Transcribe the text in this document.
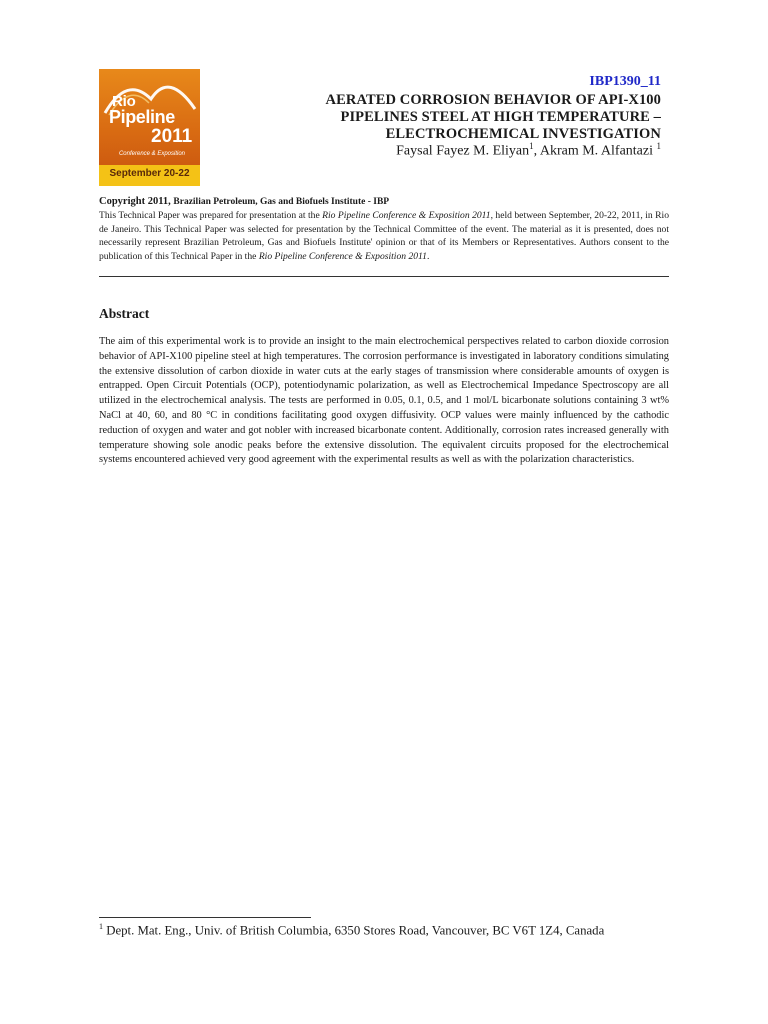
Rio
Pipeline
2011
Conference & Exposition
September 20-22
IBP1390_11
AERATED CORROSION BEHAVIOR OF API-X100
PIPELINES STEEL AT HIGH TEMPERATURE –
ELECTROCHEMICAL INVESTIGATION
Faysal Fayez M. Eliyan$^1$, Akram M. Alfantazi $^1$
Copyright 2011, Brazilian Petroleum, Gas and Biofuels Institute - IBP
This Technical Paper was prepared for presentation at the Rio Pipeline Conference & Exposition 2011, held between September, 20-22, 2011, in Rio de Janeiro. This Technical Paper was selected for presentation by the Technical Committee of the event. The material as it is presented, does not necessarily represent Brazilian Petroleum, Gas and Biofuels Institute' opinion or that of its Members or Representatives. Authors consent to the publication of this Technical Paper in the Rio Pipeline Conference & Exposition 2011.
Abstract
The aim of this experimental work is to provide an insight to the main electrochemical perspectives related to carbon dioxide corrosion behavior of API-X100 pipeline steel at high temperatures. The corrosion performance is investigated in laboratory conditions simulating the extensive dissolution of carbon dioxide in water cuts at the early stages of transmission where considerable amounts of oxygen is entrapped. Open Circuit Potentials (OCP), potentiodynamic polarization, as well as Electrochemical Impedance Spectroscopy are all utilized in the electrochemical analysis. The tests are performed in 0.05, 0.1, 0.5, and 1 mol/L bicarbonate solutions containing 3 wt% NaCl at 40, 60, and 80 °C in conditions facilitating good oxygen diffusivity. OCP values were mainly influenced by the cathodic reduction of oxygen and water and got nobler with increased bicarbonate content. Additionally, corrosion rates increased generally with temperature showing sole anodic peaks before the extensive dissolution. The equivalent circuits proposed for the electrochemical systems encountered achieved very good agreement with the experimental results as well as with the polarization characteristics.
$^1$ Dept. Mat. Eng., Univ. of British Columbia, 6350 Stores Road, Vancouver, BC V6T 1Z4, Canada
